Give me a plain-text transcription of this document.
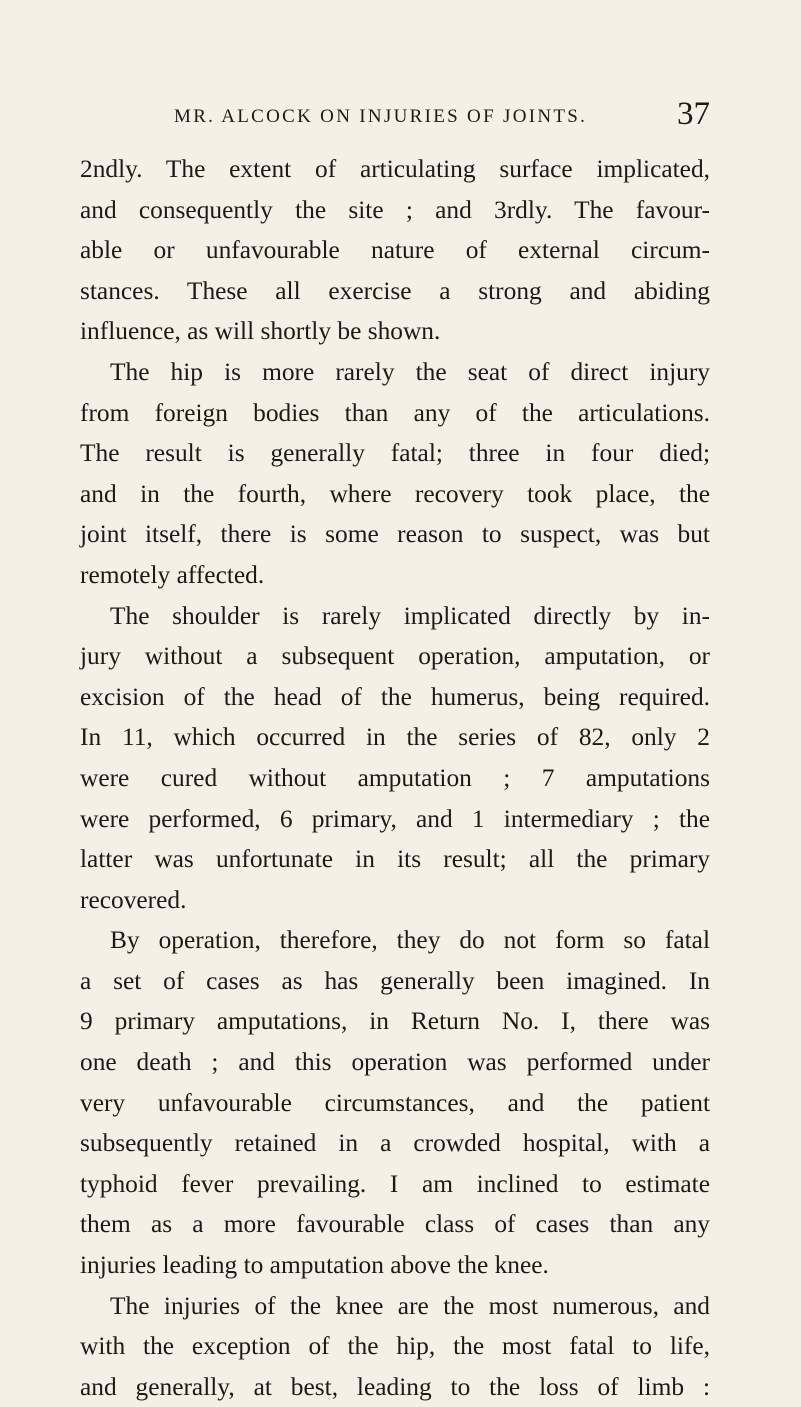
MR. ALCOCK ON INJURIES OF JOINTS.	37
2ndly. The extent of articulating surface implicated,
and consequently the site ; and 3rdly. The favour-
able or unfavourable nature of external circum-
stances. These all exercise a strong and abiding
influence, as will shortly be shown.
The hip is more rarely the seat of direct injury
from foreign bodies than any of the articulations.
The result is generally fatal; three in four died;
and in the fourth, where recovery took place, the
joint itself, there is some reason to suspect, was but
remotely affected.
The shoulder is rarely implicated directly by in-
jury without a subsequent operation, amputation, or
excision of the head of the humerus, being required.
In 11, which occurred in the series of 82, only 2
were cured without amputation ; 7 amputations
were performed, 6 primary, and 1 intermediary ; the
latter was unfortunate in its result; all the primary
recovered.
By operation, therefore, they do not form so fatal
a set of cases as has generally been imagined. In
9 primary amputations, in Return No. I, there was
one death ; and this operation was performed under
very unfavourable circumstances, and the patient
subsequently retained in a crowded hospital, with a
typhoid fever prevailing. I am inclined to estimate
them as a more favourable class of cases than any
injuries leading to amputation above the knee.
The injuries of the knee are the most numerous, and
with the exception of the hip, the most fatal to life,
and generally, at best, leading to the loss of limb :
